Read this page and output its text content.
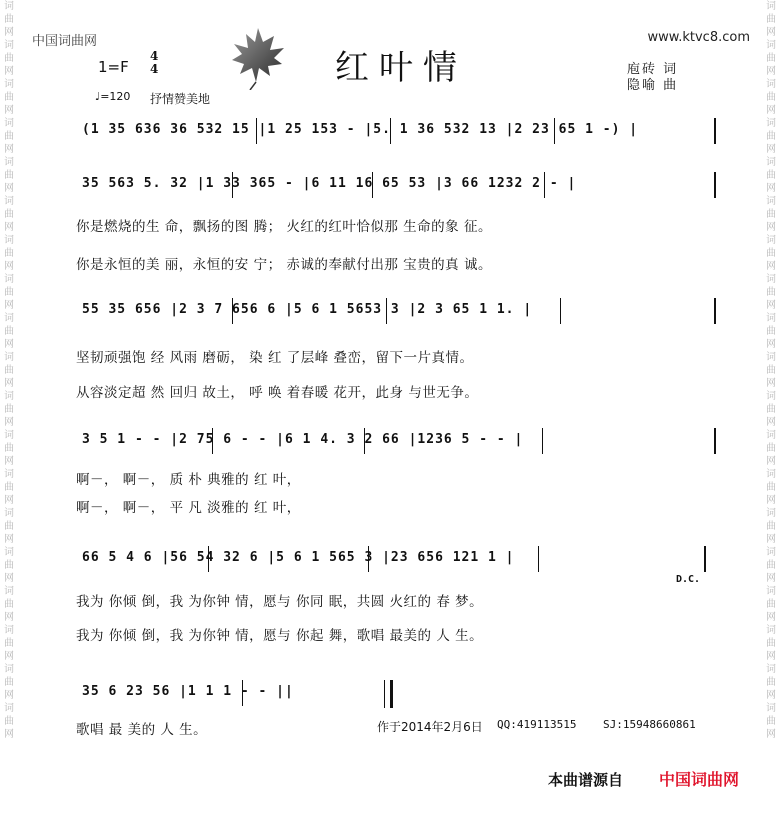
词曲网词曲网词曲网词曲网词曲网词曲网词曲网词曲网词曲网词曲网词曲网词曲网词曲网词曲网词曲网词曲网词曲网词曲网词曲网
词曲网词曲网词曲网词曲网词曲网词曲网词曲网词曲网词曲网词曲网词曲网词曲网词曲网词曲网词曲网词曲网词曲网词曲网词曲网
中国词曲网	www.ktvc8.com
红叶情
1=F
4
4
♩=120 抒情赞美地
庖砖 词
隐喻 曲
(1 35 636 36 532 15 |1 25 153 - |5. 1 36 532 13 |2 23 65 1 -) |
35 563 5. 32 |1 33 365 - |6 11 16 65 53 |3 66 1232 2 - |
你是燃烧的生 命，飘扬的图 腾； 火红的红叶恰似那 生命的象 征。
你是永恒的美 丽，永恒的安 宁； 赤诚的奉献付出那 宝贵的真 诚。
55 35 656 |2 3 7 656 6 |5 6 1 5653 3 |2 3 65 1 1. |
坚韧顽强饱 经 风雨 磨砺， 染 红 了层峰 叠峦，留下一片真情。
从容淡定超 然 回归 故土， 呼 唤 着春暖 花开，此身 与世无争。
3 5 1 - - |2 75 6 - - |6 1 4. 3 2 66 |1236 5 - - |
啊－， 啊－， 质 朴 典雅的 红 叶，
啊－， 啊－， 平 凡 淡雅的 红 叶，
66 5 4 6 |56 54 32 6 |5 6 1 565 3 |23 656 121 1 |
D.C.
我为 你倾 倒，我 为你钟 情，愿与 你同 眠，共圆 火红的 春 梦。
我为 你倾 倒，我 为你钟 情，愿与 你起 舞，歌唱 最美的 人 生。
35 6 23 56 |1 1 1 - - ||
歌唱 最 美的 人 生。	作于2014年2月6日 QQ:419113515 SJ:15948660861
本曲谱源自 中国词曲网
